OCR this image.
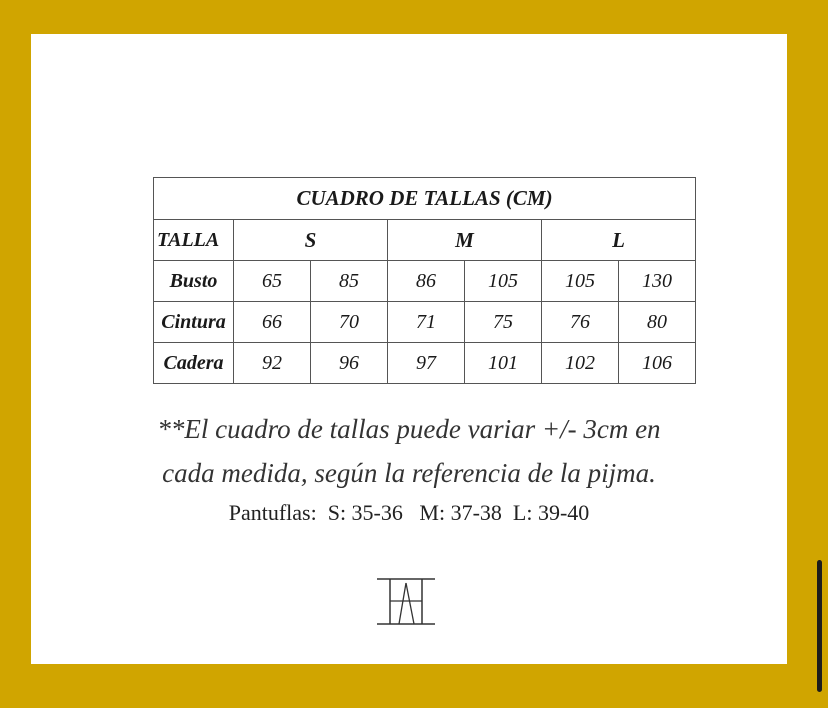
CUADRO DE TALLAS (CM)						
TALLA	S		M		L	
Busto	65	85	86	105	105	130
Cintura	66	70	71	75	76	80
Cadera	92	96	97	101	102	106
**El cuadro de tallas puede variar +/- 3cm en
cada medida, según la referencia de la pijma.
Pantuflas: S: 35-36 M: 37-38 L: 39-40
